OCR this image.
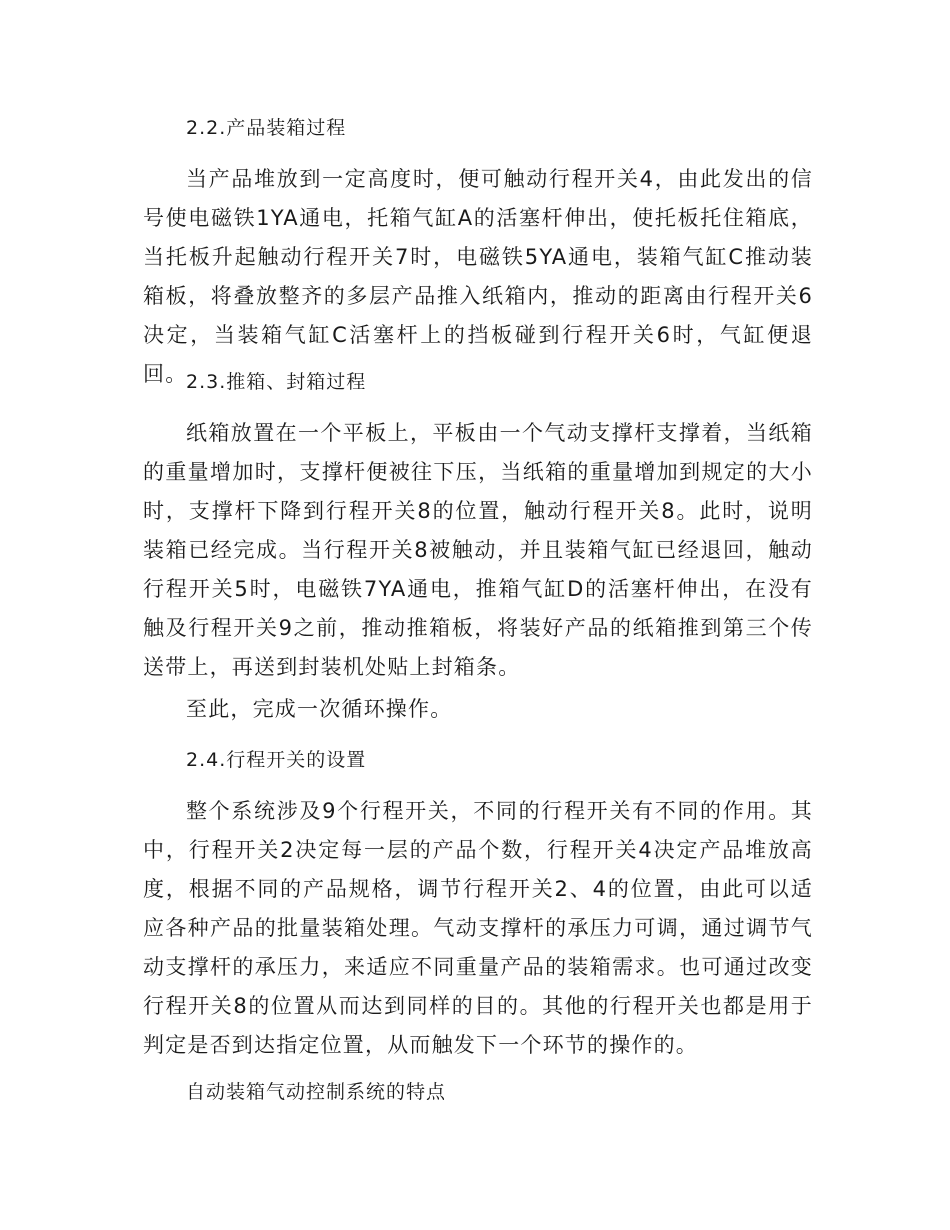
2.2.产品装箱过程

当产品堆放到一定高度时，便可触动行程开关4，由此发出的信号使电磁铁1YA通电，托箱气缸A的活塞杆伸出，使托板托住箱底，当托板升起触动行程开关7时，电磁铁5YA通电，装箱气缸C推动装箱板，将叠放整齐的多层产品推入纸箱内，推动的距离由行程开关6决定，当装箱气缸C活塞杆上的挡板碰到行程开关6时，气缸便退回。

2.3.推箱、封箱过程

纸箱放置在一个平板上，平板由一个气动支撑杆支撑着，当纸箱的重量增加时，支撑杆便被往下压，当纸箱的重量增加到规定的大小时，支撑杆下降到行程开关8的位置，触动行程开关8。此时，说明装箱已经完成。当行程开关8被触动，并且装箱气缸已经退回，触动行程开关5时，电磁铁7YA通电，推箱气缸D的活塞杆伸出，在没有触及行程开关9之前，推动推箱板，将装好产品的纸箱推到第三个传送带上，再送到封装机处贴上封箱条。

至此，完成一次循环操作。

2.4.行程开关的设置

整个系统涉及9个行程开关，不同的行程开关有不同的作用。其中，行程开关2决定每一层的产品个数，行程开关4决定产品堆放高度，根据不同的产品规格，调节行程开关2、4的位置，由此可以适应各种产品的批量装箱处理。气动支撑杆的承压力可调，通过调节气动支撑杆的承压力，来适应不同重量产品的装箱需求。也可通过改变行程开关8的位置从而达到同样的目的。其他的行程开关也都是用于判定是否到达指定位置，从而触发下一个环节的操作的。

自动装箱气动控制系统的特点
